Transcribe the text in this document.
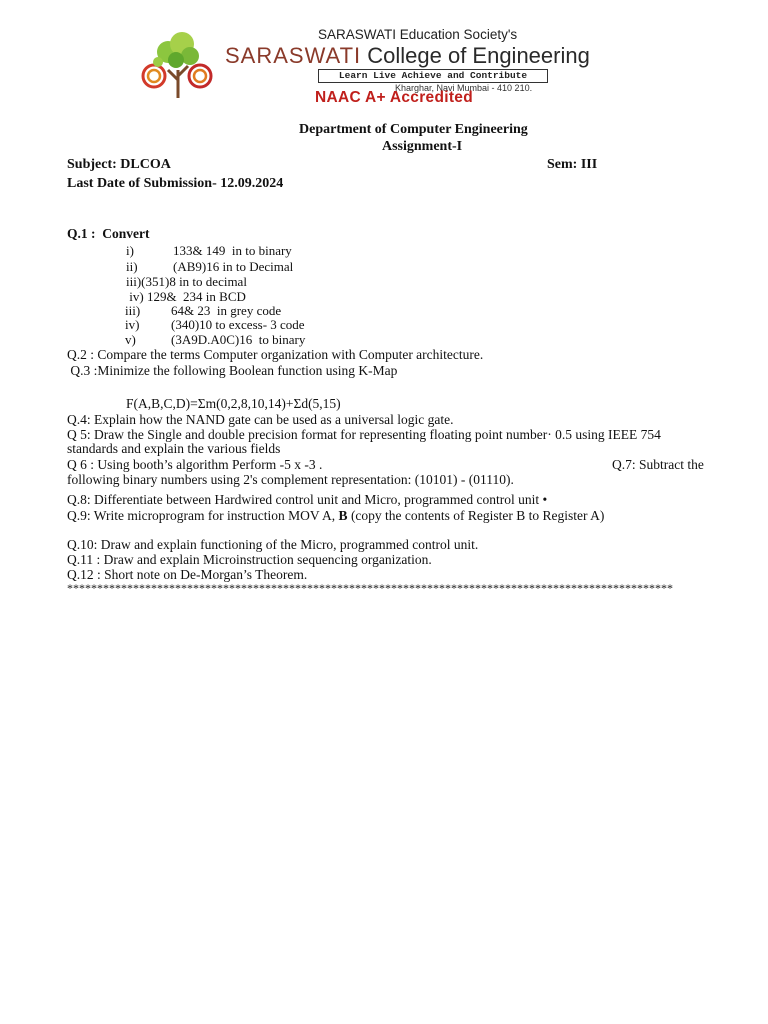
SARASWATI Education Society's
SARASWATI College of Engineering
Learn Live Achieve and Contribute
Kharghar, Navi Mumbai - 410 210.
NAAC A+ Accredited
Department of Computer Engineering
Assignment-I
Subject: DLCOA	Sem: III
Last Date of Submission- 12.09.2024
Q.1 :  Convert
i)	133& 149  in to binary
ii)	(AB9)16 in to Decimal
iii)(351)8 in to decimal
iv) 129&  234 in BCD
iii) 64& 23  in grey code
iv) (340)10 to excess- 3 code
v)	(3A9D.A0C)16  to binary
Q.2 : Compare the terms Computer organization with Computer architecture.
Q.3 :Minimize the following Boolean function using K-Map
F(A,B,C,D)=Σm(0,2,8,10,14)+Σd(5,15)
Q.4: Explain how the NAND gate can be used as a universal logic gate.
Q 5: Draw the Single and double precision format for representing floating point number· 0.5 using IEEE 754
standards and explain the various fields
Q 6 : Using booth’s algorithm Perform -5 x -3 .	Q.7: Subtract the
following binary numbers using 2's complement representation: (10101) - (01110).
Q.8: Differentiate between Hardwired control unit and Micro, programmed control unit •
Q.9: Write microprogram for instruction MOV A, B (copy the contents of Register B to Register A)
Q.10: Draw and explain functioning of the Micro, programmed control unit.
Q.11 : Draw and explain Microinstruction sequencing organization.
Q.12 : Short note on De-Morgan’s Theorem.
*****************************************************************************************************
